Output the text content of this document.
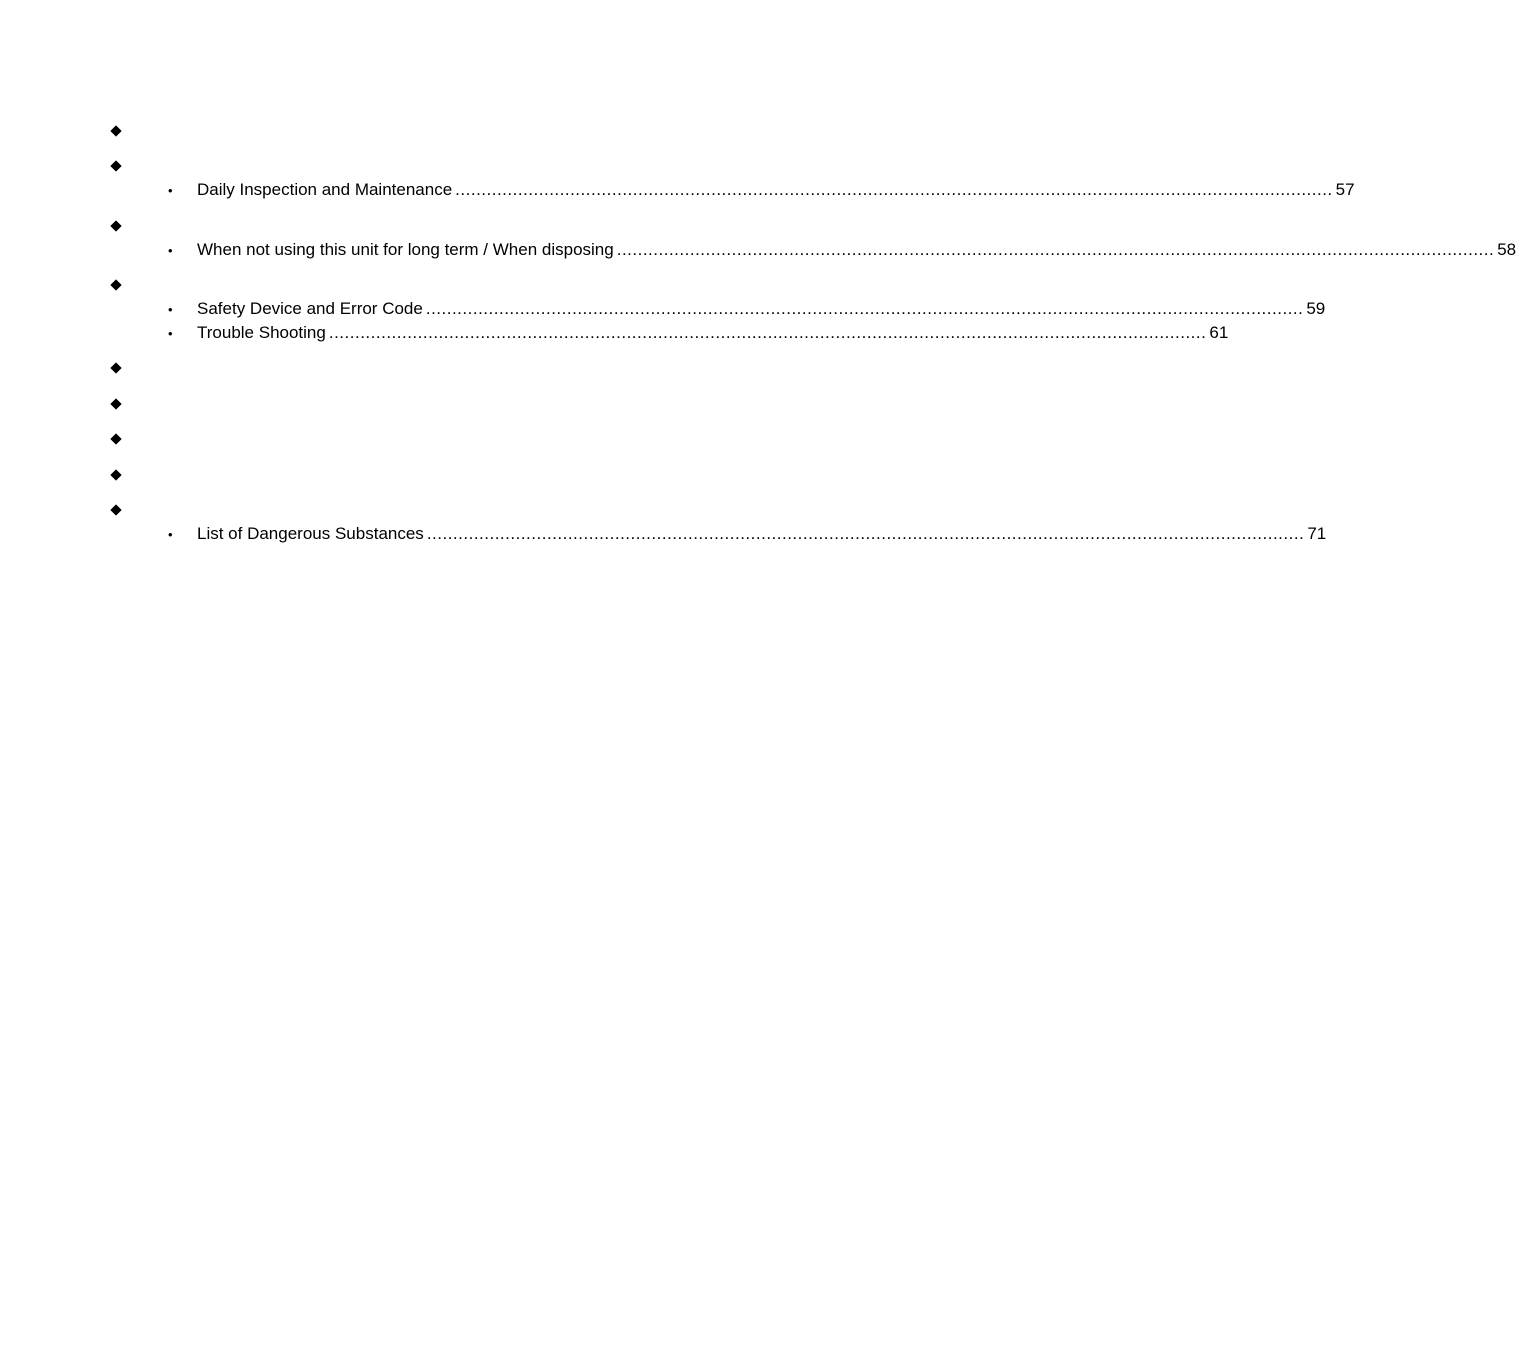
•	Daily Inspection and Maintenance ........................................................................................................................................................................ 57
•	When not using this unit for long term / When disposing ........................................................................................................................................................................ 58
•	Safety Device and Error Code ........................................................................................................................................................................ 59
•	Trouble Shooting ........................................................................................................................................................................ 61
•	List of Dangerous Substances ........................................................................................................................................................................ 71
